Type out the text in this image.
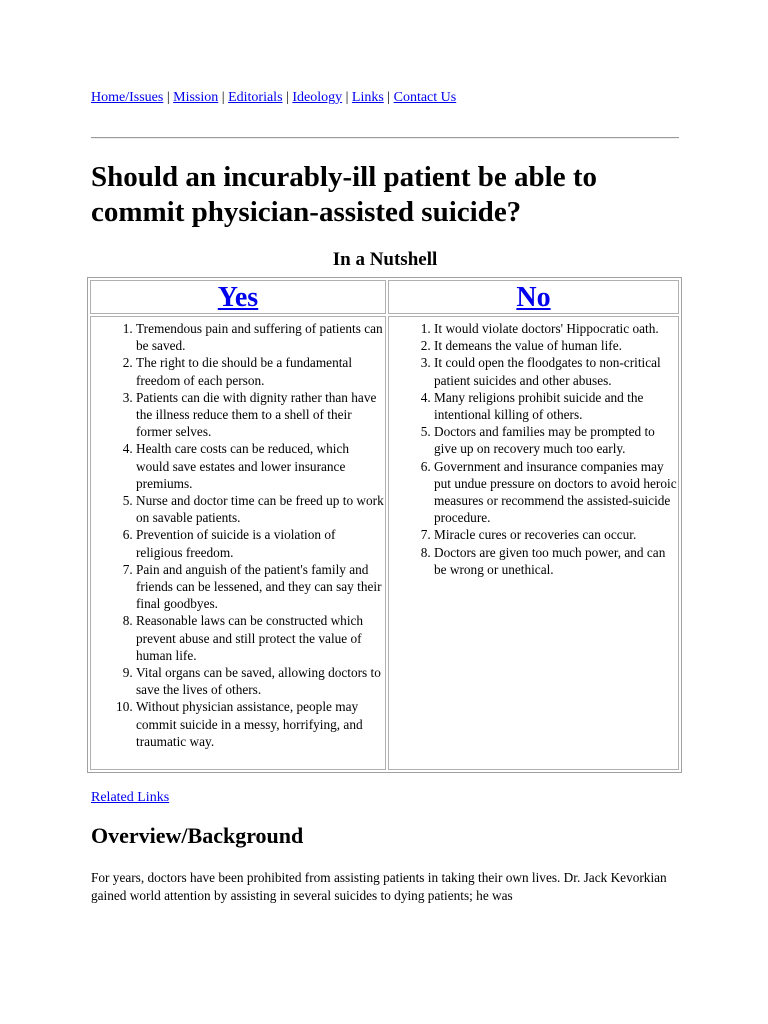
Home/Issues | Mission | Editorials | Ideology | Links | Contact Us
Should an incurably-ill patient be able to commit physician-assisted suicide?
In a Nutshell
Yes	No
1. Tremendous pain and suffering of patients can be saved.
2. The right to die should be a fundamental freedom of each person.
3. Patients can die with dignity rather than have the illness reduce them to a shell of their former selves.
4. Health care costs can be reduced, which would save estates and lower insurance premiums.
5. Nurse and doctor time can be freed up to work on savable patients.
6. Prevention of suicide is a violation of religious freedom.
7. Pain and anguish of the patient's family and friends can be lessened, and they can say their final goodbyes.
8. Reasonable laws can be constructed which prevent abuse and still protect the value of human life.
9. Vital organs can be saved, allowing doctors to save the lives of others.
10. Without physician assistance, people may commit suicide in a messy, horrifying, and traumatic way.
1. It would violate doctors' Hippocratic oath.
2. It demeans the value of human life.
3. It could open the floodgates to non-critical patient suicides and other abuses.
4. Many religions prohibit suicide and the intentional killing of others.
5. Doctors and families may be prompted to give up on recovery much too early.
6. Government and insurance companies may put undue pressure on doctors to avoid heroic measures or recommend the assisted-suicide procedure.
7. Miracle cures or recoveries can occur.
8. Doctors are given too much power, and can be wrong or unethical.
Related Links
Overview/Background

For years, doctors have been prohibited from assisting patients in taking their own lives. Dr. Jack Kevorkian gained world attention by assisting in several suicides to dying patients; he was
